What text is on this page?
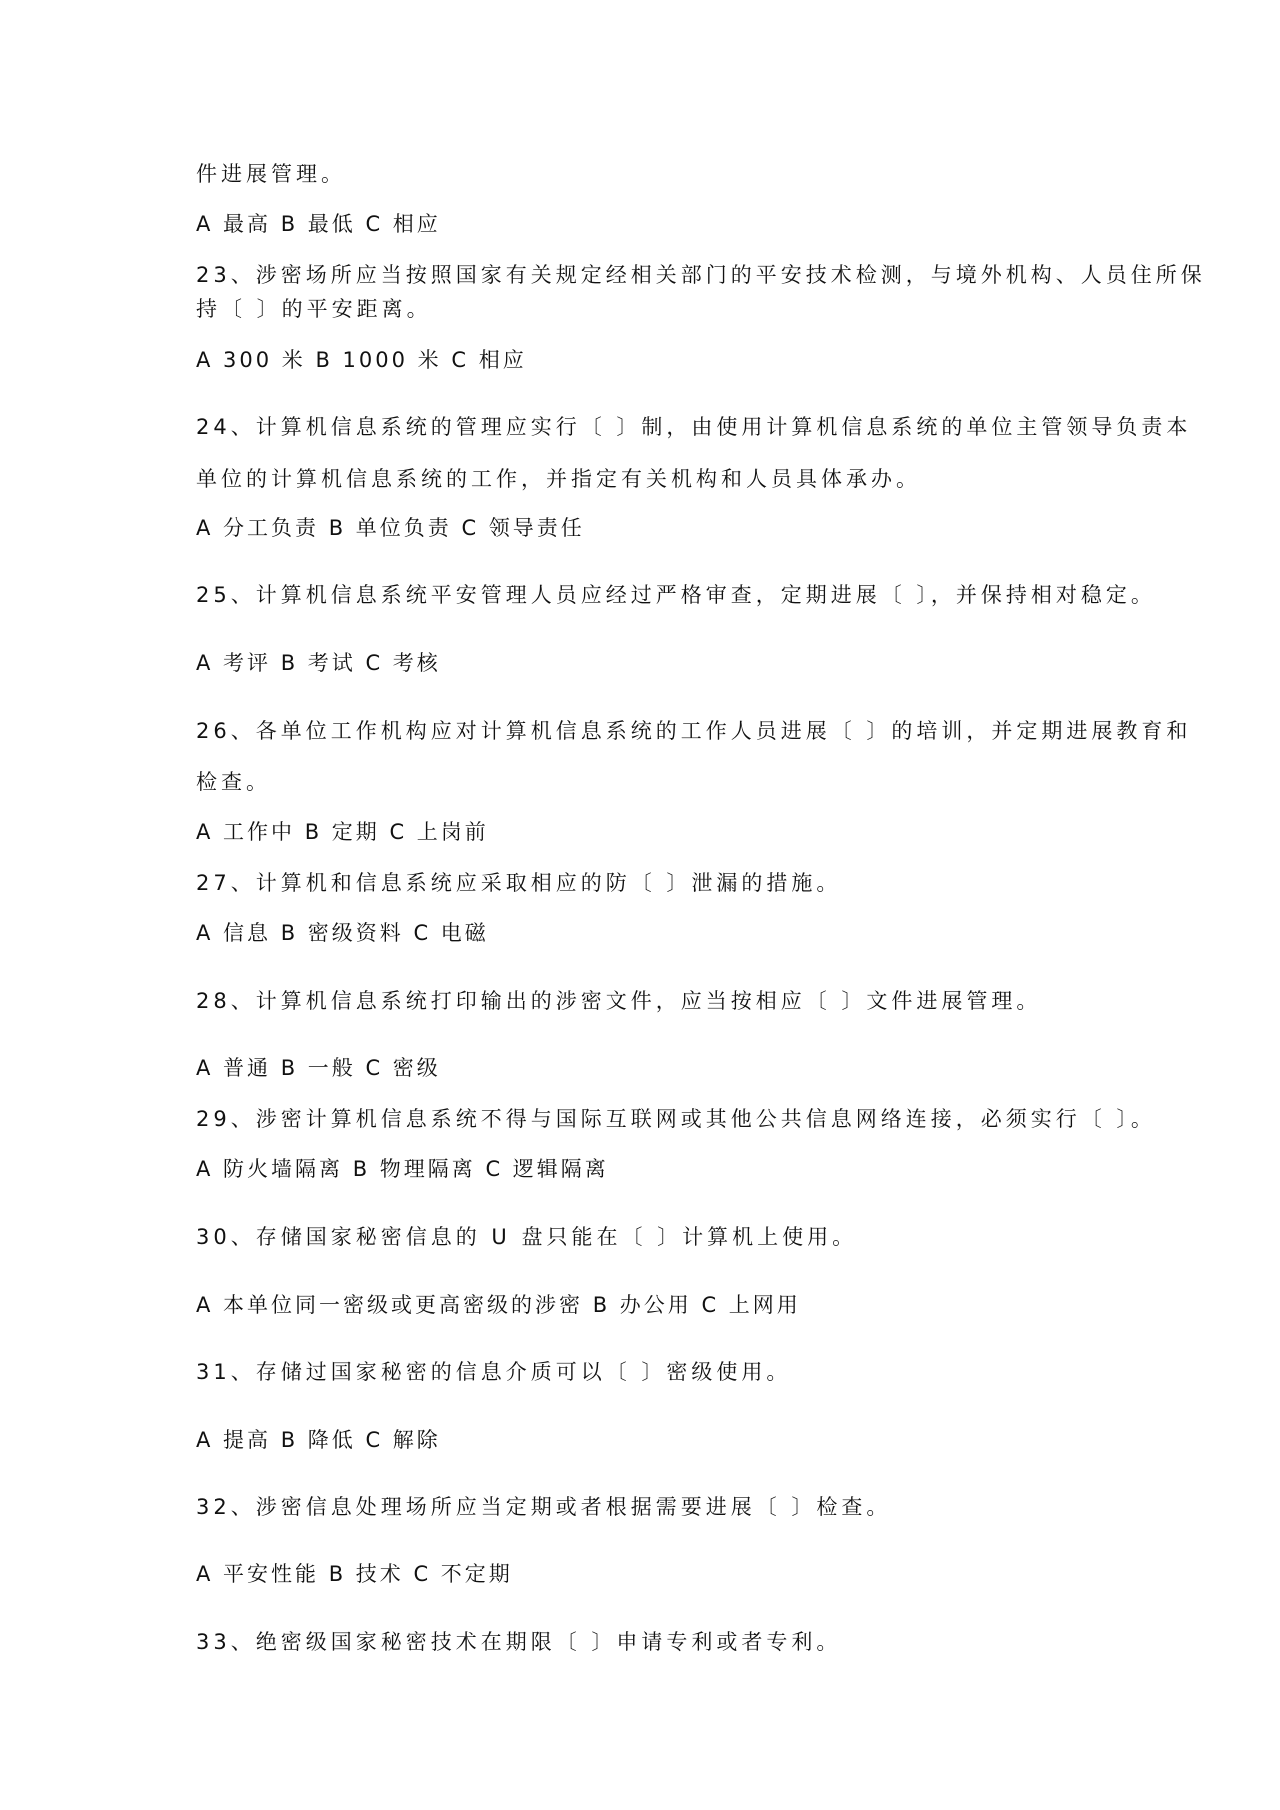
件进展管理。
A 最高 B 最低 C 相应
23、涉密场所应当按照国家有关规定经相关部门的平安技术检测，与境外机构、人员住所保
持〔 〕的平安距离。
A 300 米 B 1000 米 C 相应
24、计算机信息系统的管理应实行〔 〕制，由使用计算机信息系统的单位主管领导负责本
单位的计算机信息系统的工作，并指定有关机构和人员具体承办。
A 分工负责 B 单位负责 C 领导责任
25、计算机信息系统平安管理人员应经过严格审查，定期进展〔 〕，并保持相对稳定。
A 考评 B 考试 C 考核
26、各单位工作机构应对计算机信息系统的工作人员进展〔 〕的培训，并定期进展教育和
检查。
A 工作中 B 定期 C 上岗前
27、计算机和信息系统应采取相应的防〔 〕泄漏的措施。
A 信息 B 密级资料 C 电磁
28、计算机信息系统打印输出的涉密文件，应当按相应〔 〕文件进展管理。
A 普通 B 一般 C 密级
29、涉密计算机信息系统不得与国际互联网或其他公共信息网络连接，必须实行〔 〕。
A 防火墙隔离 B 物理隔离 C 逻辑隔离
30、存储国家秘密信息的 U 盘只能在〔 〕计算机上使用。
A 本单位同一密级或更高密级的涉密 B 办公用 C 上网用
31、存储过国家秘密的信息介质可以〔 〕密级使用。
A 提高 B 降低 C 解除
32、涉密信息处理场所应当定期或者根据需要进展〔 〕检查。
A 平安性能 B 技术 C 不定期
33、绝密级国家秘密技术在期限〔 〕申请专利或者专利。
